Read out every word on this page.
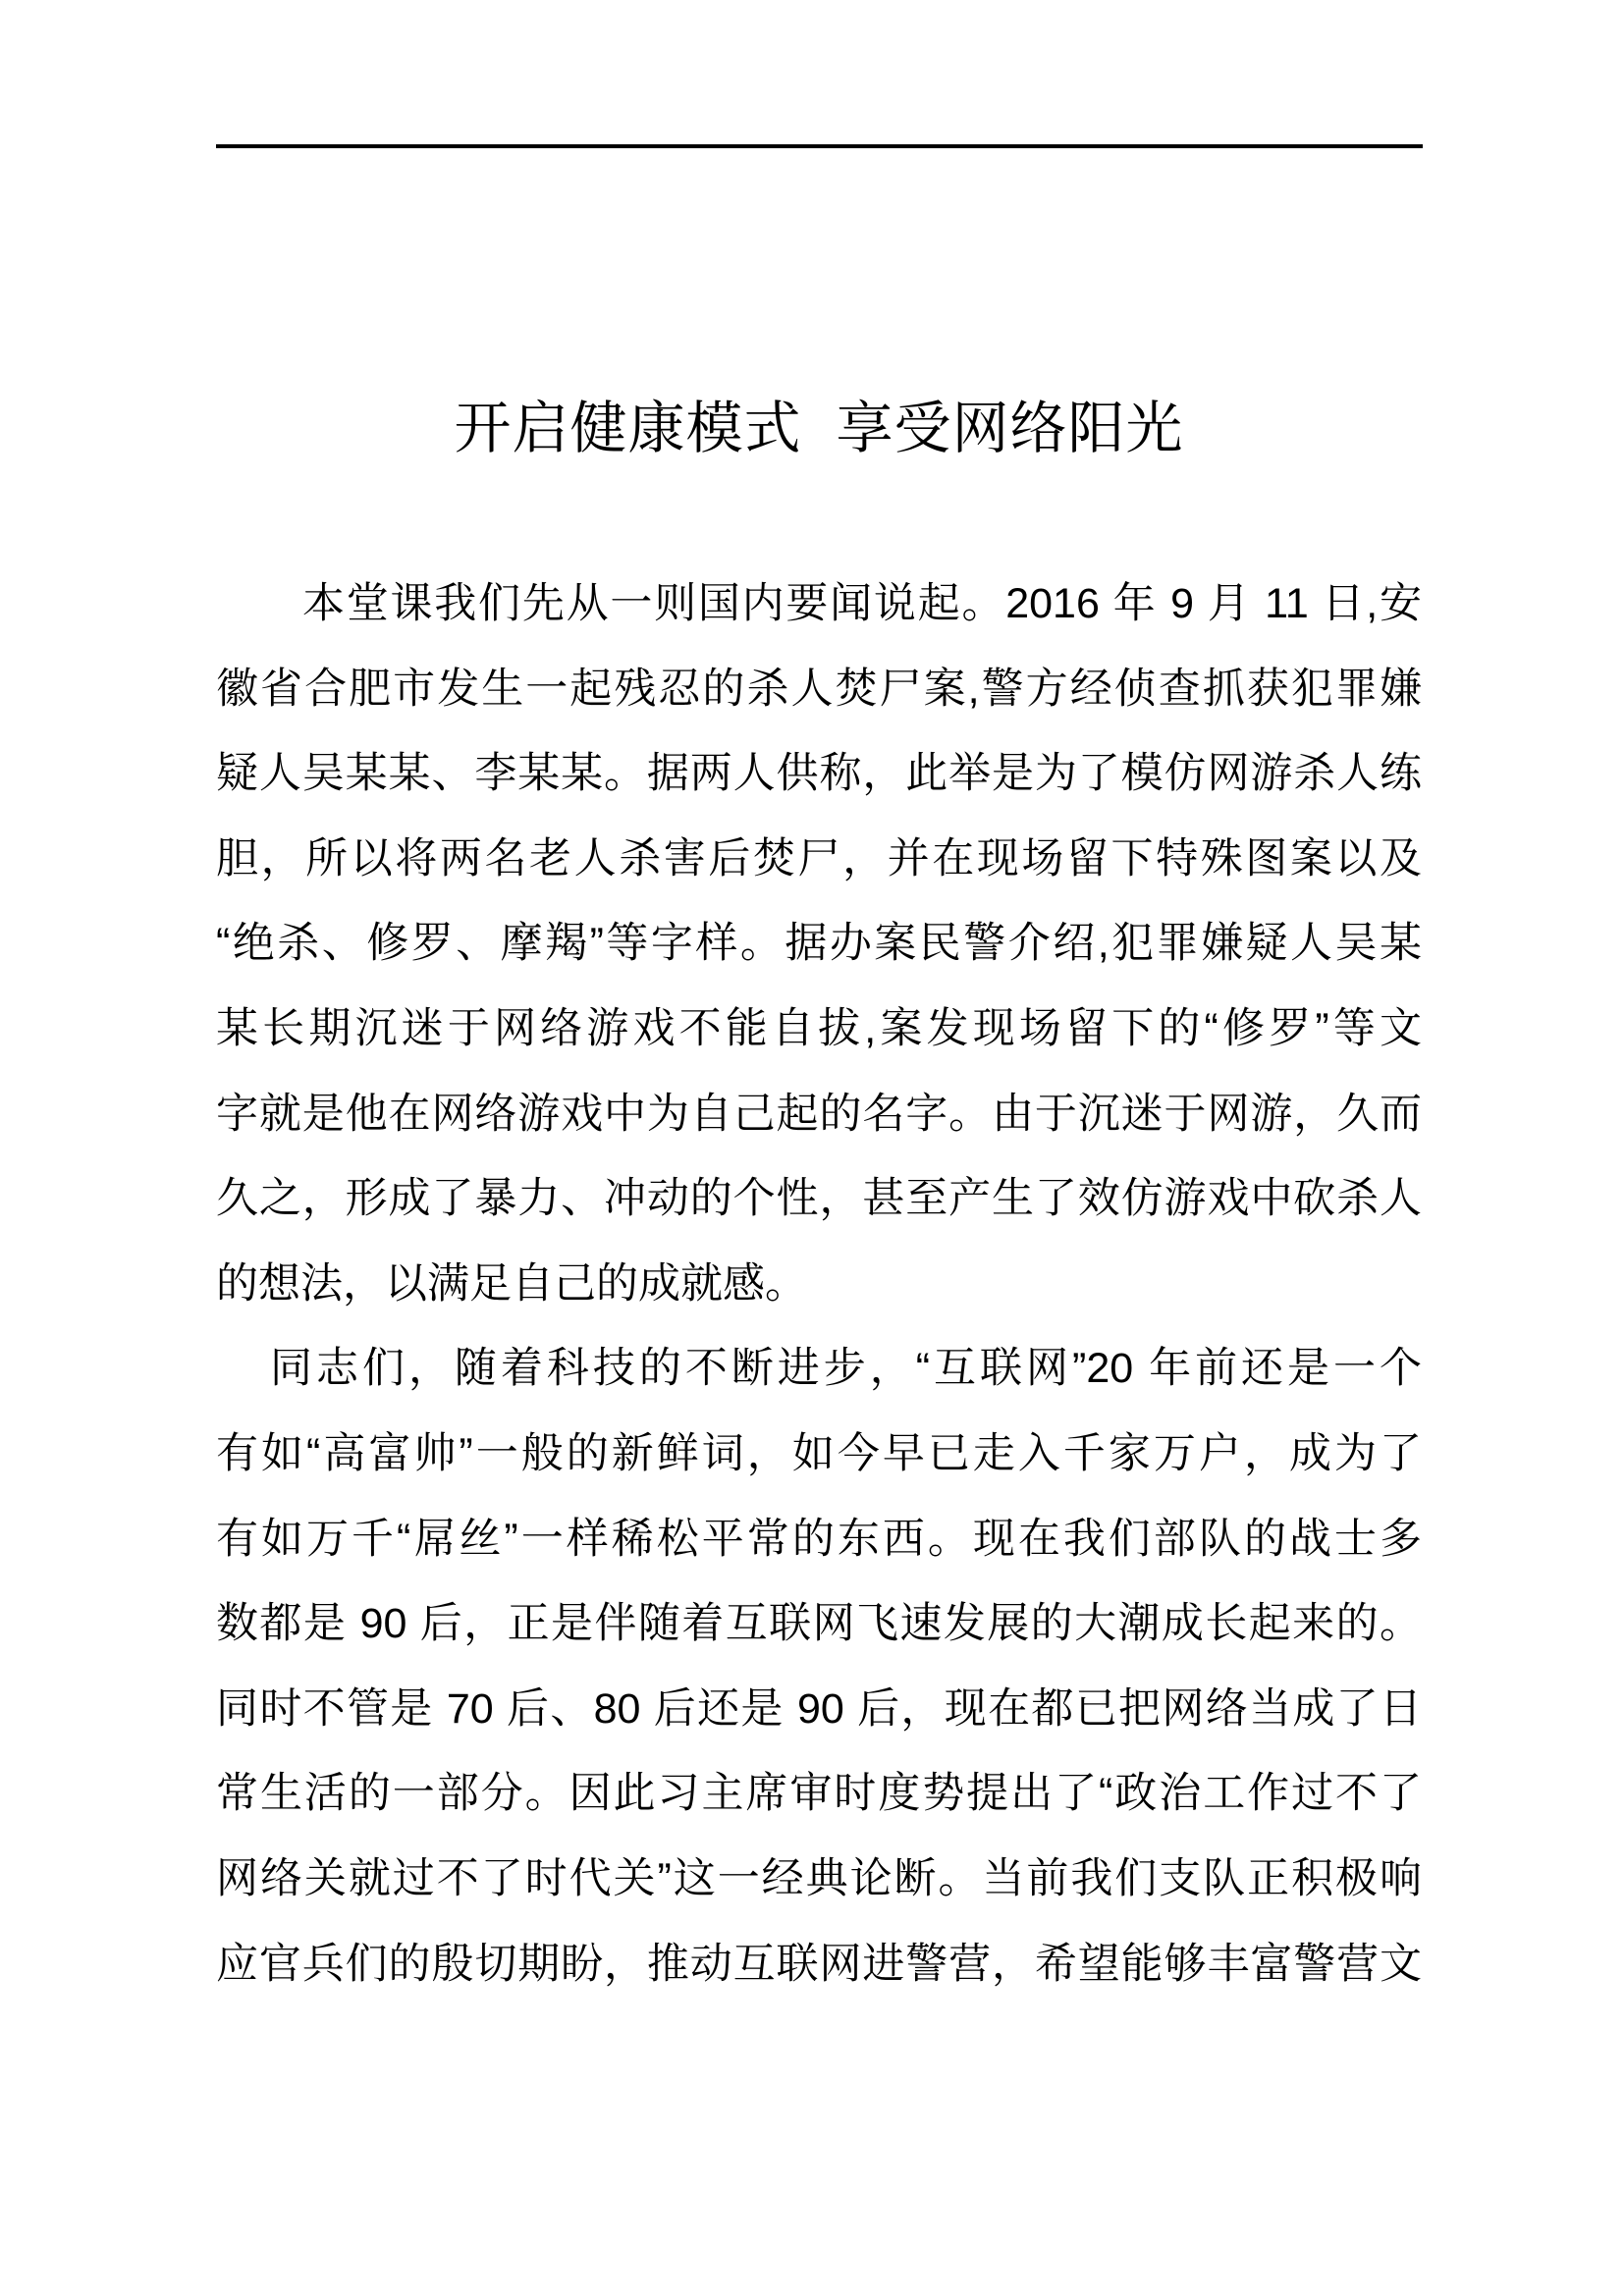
开启健康模式 享受网络阳光
本堂课我们先从一则国内要闻说起。2016 年 9 月 11 日,安
徽省合肥市发生一起残忍的杀人焚尸案,警方经侦查抓获犯罪嫌
疑人吴某某、李某某。据两人供称，此举是为了模仿网游杀人练
胆，所以将两名老人杀害后焚尸，并在现场留下特殊图案以及
“绝杀、修罗、摩羯”等字样。据办案民警介绍,犯罪嫌疑人吴某
某长期沉迷于网络游戏不能自拔,案发现场留下的“修罗”等文
字就是他在网络游戏中为自己起的名字。由于沉迷于网游，久而
久之，形成了暴力、冲动的个性，甚至产生了效仿游戏中砍杀人
的想法，以满足自己的成就感。
同志们，随着科技的不断进步，“互联网”20 年前还是一个
有如“高富帅”一般的新鲜词，如今早已走入千家万户，成为了
有如万千“屌丝”一样稀松平常的东西。现在我们部队的战士多
数都是 90 后，正是伴随着互联网飞速发展的大潮成长起来的。
同时不管是 70 后、80 后还是 90 后，现在都已把网络当成了日
常生活的一部分。因此习主席审时度势提出了“政治工作过不了
网络关就过不了时代关”这一经典论断。当前我们支队正积极响
应官兵们的殷切期盼，推动互联网进警营，希望能够丰富警营文
